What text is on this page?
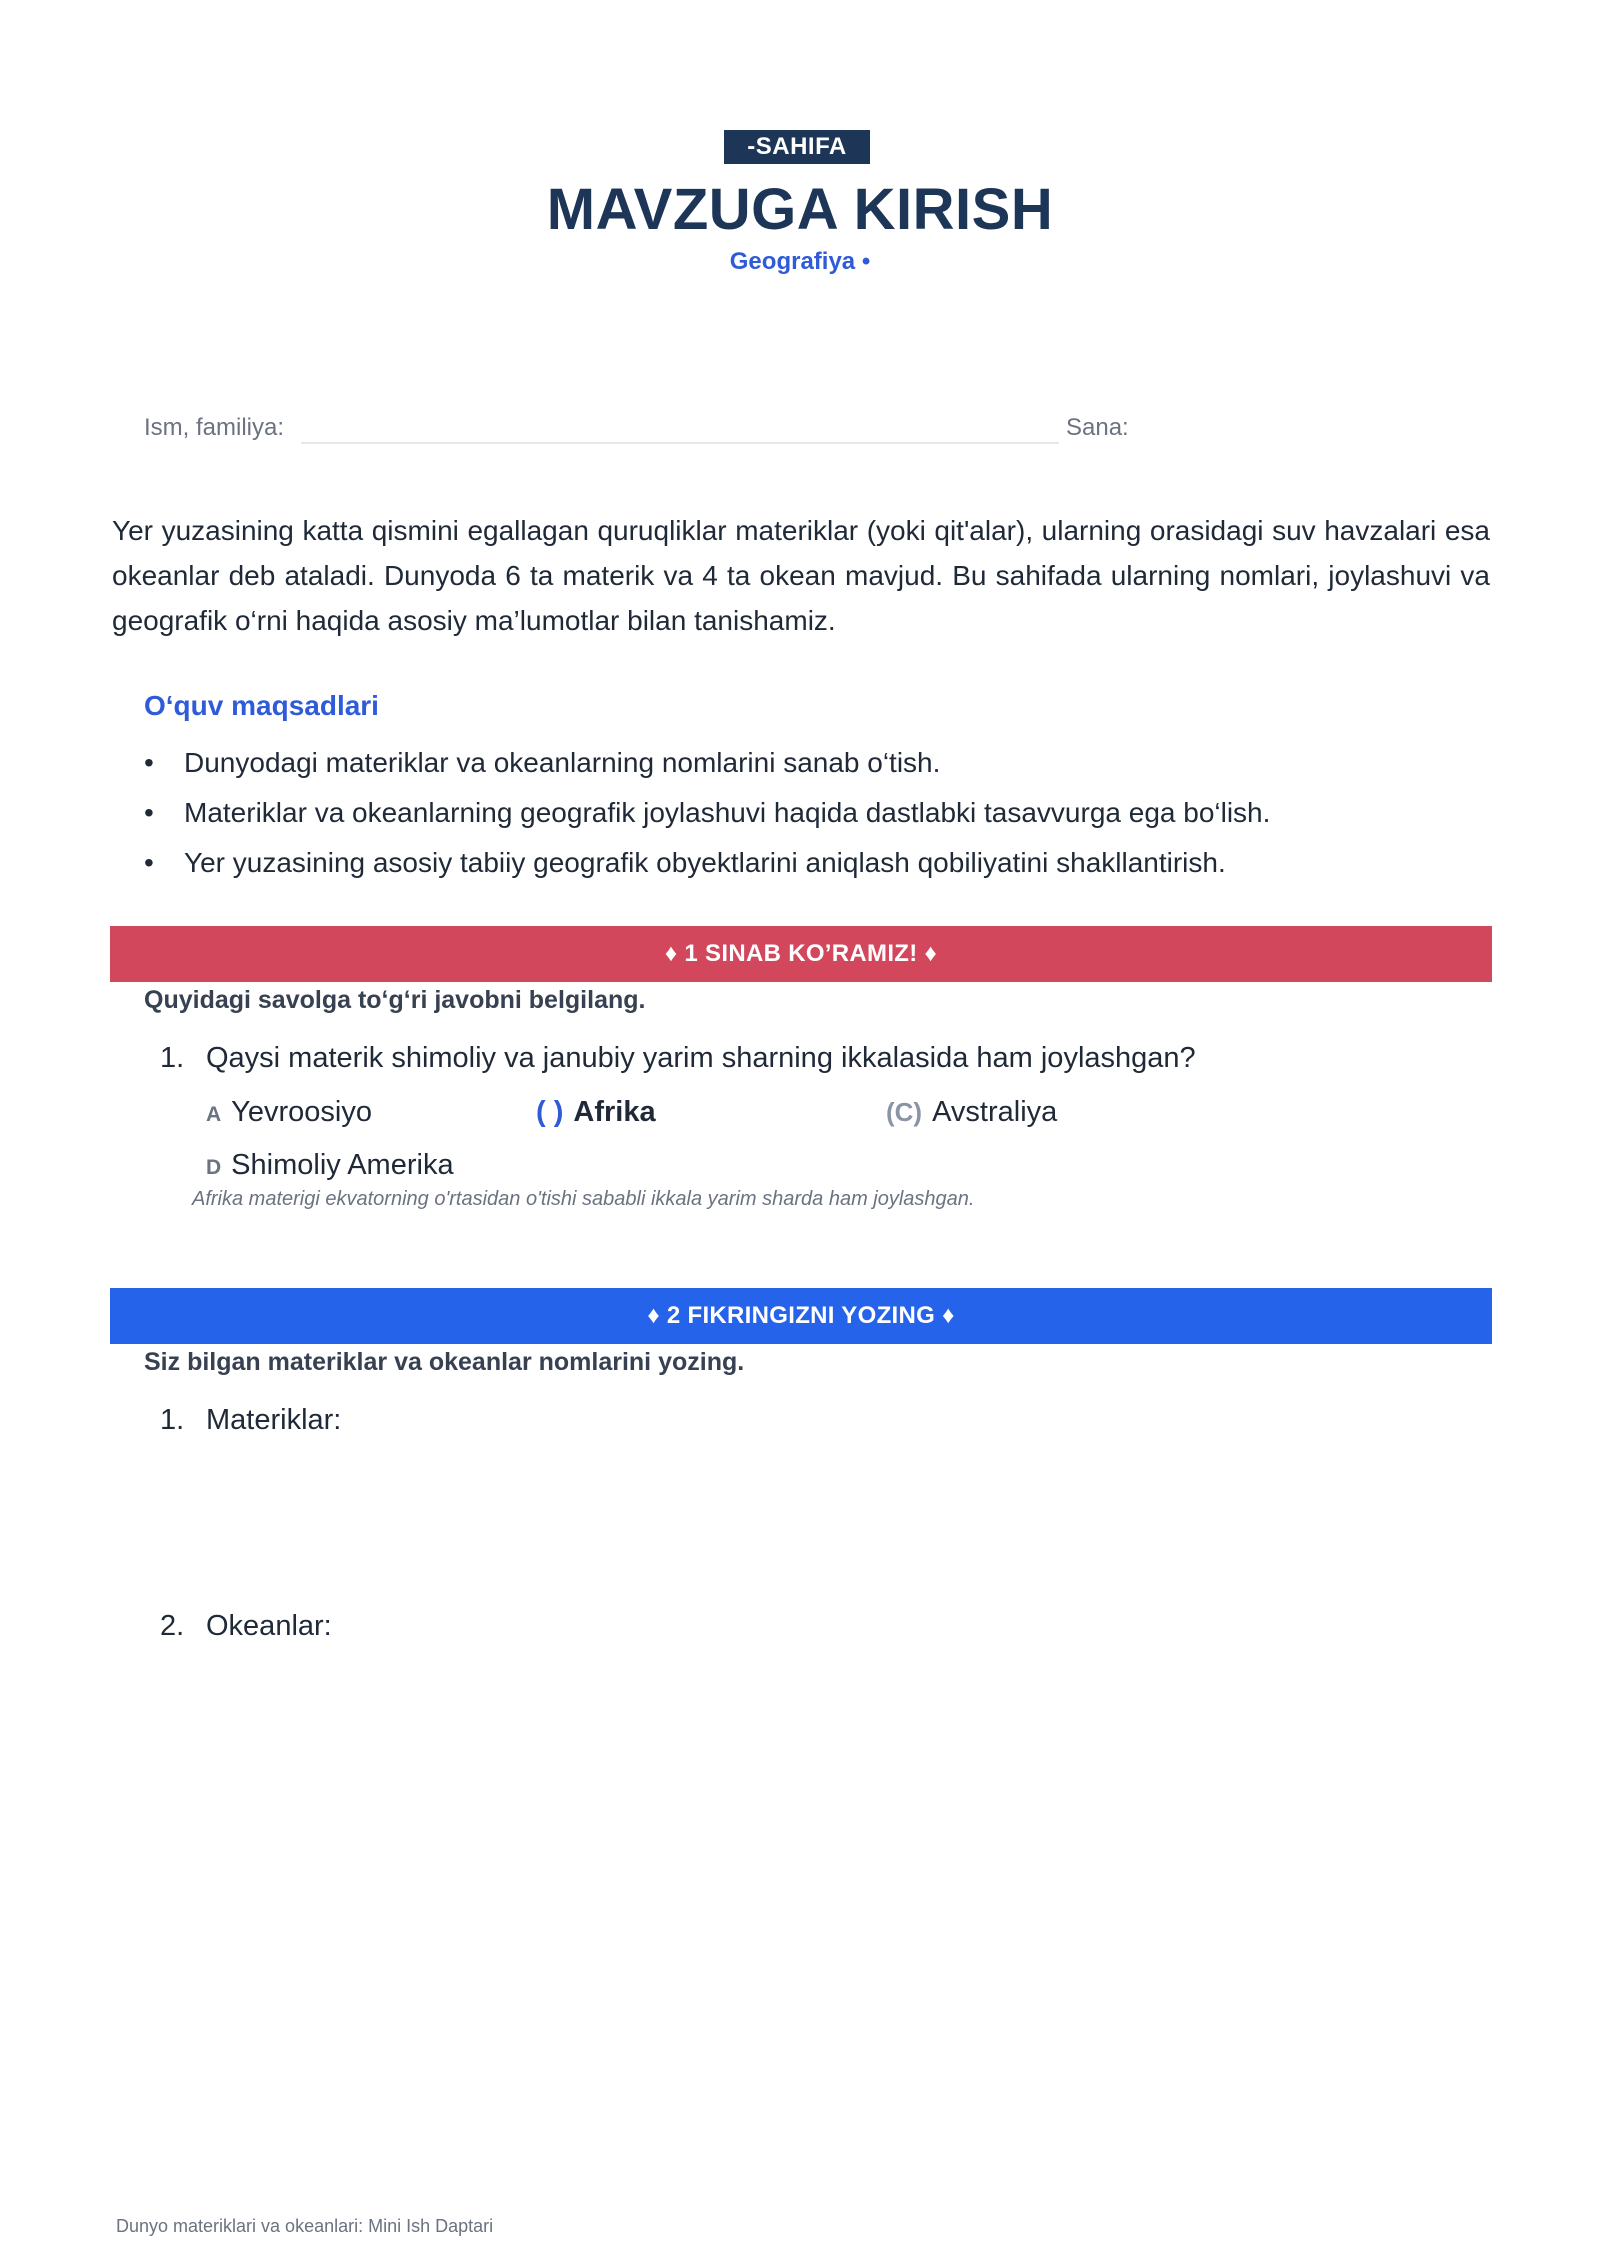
-SAHIFA
MAVZUGA KIRISH
Geografiya •
Ism, familiya:	Sana:

Yer yuzasining katta qismini egallagan quruqliklar materiklar (yoki qit'alar), ularning orasidagi suv havzalari esa okeanlar deb ataladi. Dunyoda 6 ta materik va 4 ta okean mavjud. Bu sahifada ularning nomlari, joylashuvi va geografik o‘rni haqida asosiy ma’lumotlar bilan tanishamiz.

O‘quv maqsadlari
• Dunyodagi materiklar va okeanlarning nomlarini sanab o‘tish.
• Materiklar va okeanlarning geografik joylashuvi haqida dastlabki tasavvurga ega bo‘lish.
• Yer yuzasining asosiy tabiiy geografik obyektlarini aniqlash qobiliyatini shakllantirish.
♦ 1 SINAB KO’RAMIZ! ♦
Quyidagi savolga to‘g‘ri javobni belgilang.
1. Qaysi materik shimoliy va janubiy yarim sharning ikkalasida ham joylashgan?
A Yevroosiyo	( ) Afrika	(C) Avstraliya
D Shimoliy Amerika
Afrika materigi ekvatorning o'rtasidan o'tishi sababli ikkala yarim sharda ham joylashgan.
♦ 2 FIKRINGIZNI YOZING ♦
Siz bilgan materiklar va okeanlar nomlarini yozing.
1. Materiklar:
2. Okeanlar:
Dunyo materiklari va okeanlari: Mini Ish Daptari
